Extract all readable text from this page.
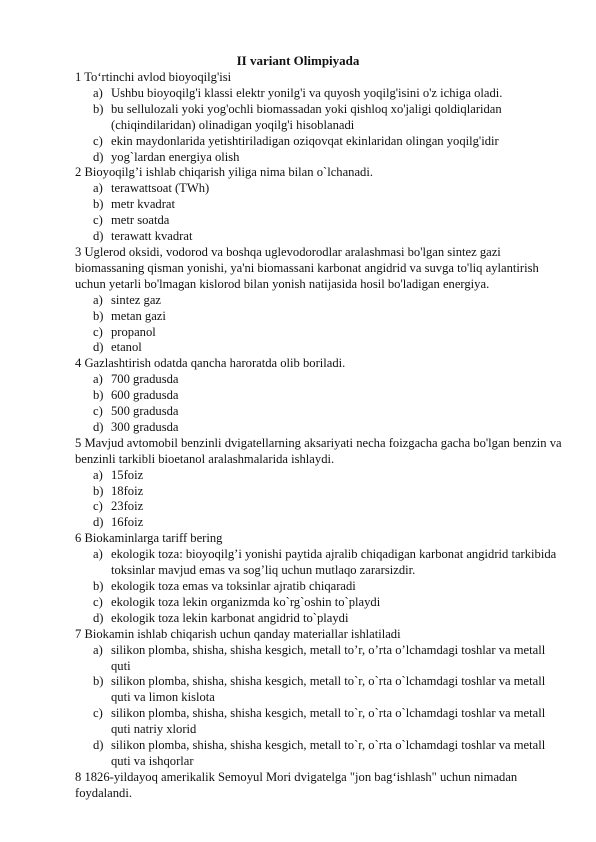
II variant Olimpiyada
1 To‘rtinchi avlod bioyoqilg'isi
a) Ushbu bioyoqilg'i klassi elektr yonilg'i va quyosh yoqilg'isini o'z ichiga oladi.
b) bu sellulozali yoki yog'ochli biomassadan yoki qishloq xo'jaligi qoldiqlaridan (chiqindilaridan) olinadigan yoqilg'i hisoblanadi
c) ekin maydonlarida yetishtiriladigan oziqovqat ekinlaridan olingan yoqilg'idir
d) yog`lardan energiya olish
2 Bioyoqilg’i ishlab chiqarish yiliga nima bilan o`lchanadi.
a) terawattsoat (TWh)
b) metr kvadrat
c) metr soatda
d) terawatt kvadrat
3 Uglerod oksidi, vodorod va boshqa uglevodorodlar aralashmasi bo'lgan sintez gazi biomassaning qisman yonishi, ya'ni biomassani karbonat angidrid va suvga to'liq aylantirish uchun yetarli bo'lmagan kislorod bilan yonish natijasida hosil bo'ladigan energiya.
a) sintez gaz
b) metan gazi
c) propanol
d) etanol
4 Gazlashtirish odatda qancha haroratda olib boriladi.
a) 700 gradusda
b) 600 gradusda
c) 500 gradusda
d) 300 gradusda
5 Mavjud avtomobil benzinli dvigatellarning aksariyati necha foizgacha gacha bo'lgan benzin va benzinli tarkibli bioetanol aralashmalarida ishlaydi.
a) 15foiz
b) 18foiz
c) 23foiz
d) 16foiz
6 Biokaminlarga tariff bering
a) ekologik toza: bioyoqilg’i yonishi paytida ajralib chiqadigan karbonat angidrid tarkibida toksinlar mavjud emas va sog’liq uchun mutlaqo zararsizdir.
b) ekologik toza emas va toksinlar ajratib chiqaradi
c) ekologik toza lekin organizmda ko`rg`oshin to`playdi
d) ekologik toza lekin karbonat angidrid to`playdi
7 Biokamin ishlab chiqarish uchun qanday materiallar ishlatiladi
a) silikon plomba, shisha, shisha kesgich, metall to’r, o’rta o’lchamdagi toshlar va metall quti
b) silikon plomba, shisha, shisha kesgich, metall to`r, o`rta o`lchamdagi toshlar va metall quti va limon kislota
c) silikon plomba, shisha, shisha kesgich, metall to`r, o`rta o`lchamdagi toshlar va metall quti natriy xlorid
d) silikon plomba, shisha, shisha kesgich, metall to`r, o`rta o`lchamdagi toshlar va metall quti va ishqorlar
8 1826-yildayoq amerikalik Semoyul Mori dvigatelga "jon bag‘ishlash" uchun nimadan foydalandi.
